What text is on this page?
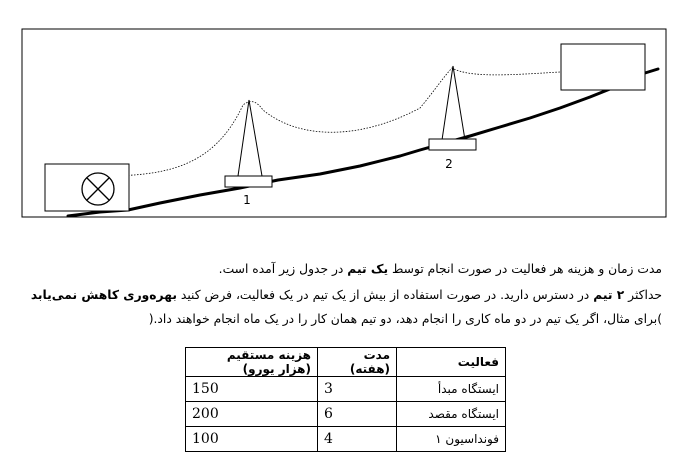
1
2
مدت زمان و هزینه هر فعالیت در صورت انجام توسط یک تیم در جدول زیر آمده است.
حداکثر ۲ تیم در دسترس دارید. در صورت استفاده از بیش از یک تیم در یک فعالیت، فرض کنید بهره‌وری کاهش نمی‌یابد
)برای مثال، اگر یک تیم در دو ماه کاری را انجام دهد، دو تیم همان کار را در یک ماه انجام خواهند داد.(
فعالیت	مدت (هفته)	هزینه مستقیم (هزار یورو)
ایستگاه مبدأ	3	150
ایستگاه مقصد	6	200
فونداسیون ۱	4	100
